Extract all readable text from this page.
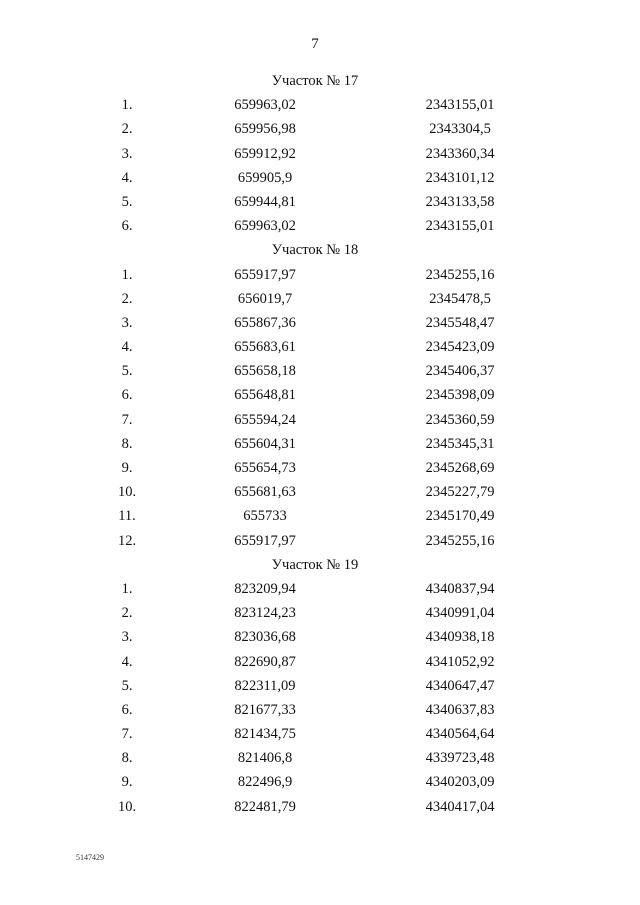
7
Участок № 17
1.	659963,02	2343155,01
2.	659956,98	2343304,5
3.	659912,92	2343360,34
4.	659905,9	2343101,12
5.	659944,81	2343133,58
6.	659963,02	2343155,01
Участок № 18
1.	655917,97	2345255,16
2.	656019,7	2345478,5
3.	655867,36	2345548,47
4.	655683,61	2345423,09
5.	655658,18	2345406,37
6.	655648,81	2345398,09
7.	655594,24	2345360,59
8.	655604,31	2345345,31
9.	655654,73	2345268,69
10.	655681,63	2345227,79
11.	655733	2345170,49
12.	655917,97	2345255,16
Участок № 19
1.	823209,94	4340837,94
2.	823124,23	4340991,04
3.	823036,68	4340938,18
4.	822690,87	4341052,92
5.	822311,09	4340647,47
6.	821677,33	4340637,83
7.	821434,75	4340564,64
8.	821406,8	4339723,48
9.	822496,9	4340203,09
10.	822481,79	4340417,04
5147429
